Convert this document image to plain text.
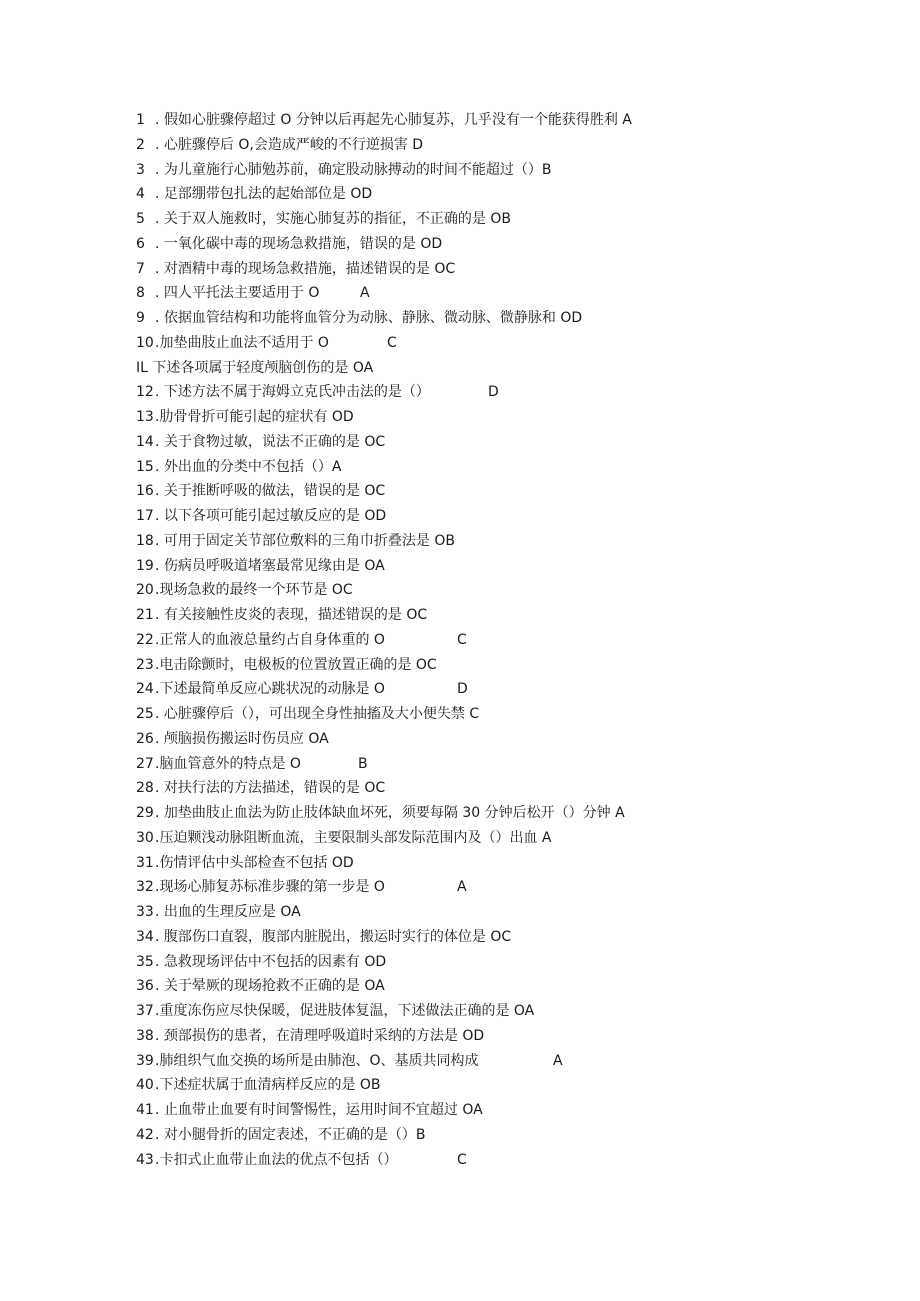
1 . 假如心脏骤停超过 O 分钟以后再起先心肺复苏，几乎没有一个能获得胜利 A
2 . 心脏骤停后 O,会造成严峻的不行逆损害 D
3 . 为儿童施行心肺勉苏前，确定股动脉搏动的时间不能超过（）B
4 . 足部绷带包扎法的起始部位是 OD
5 . 关于双人施救时，实施心肺复苏的指征，不正确的是 OB
6 . 一氧化碳中毒的现场急救措施，错误的是 OD
7 . 对酒精中毒的现场急救措施，描述错误的是 OC
8 . 四人平托法主要适用于 O	A
9 . 依据血管结构和功能将血管分为动脉、静脉、微动脉、微静脉和 OD
10 .加垫曲肢止血法不适用于 O	C
IL 下述各项属于轻度颅脑创伤的是 OA
12 . 下述方法不属于海姆立克氏冲击法的是（）	D
13 .肋骨骨折可能引起的症状有 OD
14 . 关于食物过敏，说法不正确的是 OC
15 . 外出血的分类中不包括（）A
16 . 关于推断呼吸的做法，错误的是 OC
17 . 以下各项可能引起过敏反应的是 OD
18 . 可用于固定关节部位敷料的三角巾折叠法是 OB
19 . 伤病员呼吸道堵塞最常见缘由是 OA
20 .现场急救的最终一个环节是 OC
21 . 有关接触性皮炎的表现，描述错误的是 OC
22 .正常人的血液总量约占自身体重的 O	C
23 .电击除颤时，电极板的位置放置正确的是 OC
24 .下述最简单反应心跳状况的动脉是 O	D
25 . 心脏骤停后（），可出现全身性抽搐及大小便失禁 C
26 . 颅脑损伤搬运时伤员应 OA
27 .脑血管意外的特点是 O	B
28 . 对扶行法的方法描述，错误的是 OC
29 . 加垫曲肢止血法为防止肢体缺血坏死，须要每隔 30 分钟后松开（）分钟 A
30 .压迫颗浅动脉阻断血流，主要限制头部发际范围内及（）出血 A
31 .伤情评估中头部检查不包括 OD
32 .现场心肺复苏标准步骤的第一步是 O	A
33 . 出血的生理反应是 OA
34 . 腹部伤口直裂，腹部内脏脱出，搬运时实行的体位是 OC
35 . 急救现场评估中不包括的因素有 OD
36 . 关于晕厥的现场抢救不正确的是 OA
37 .重度冻伤应尽快保暖，促进肢体复温，下述做法正确的是 OA
38 . 颈部损伤的患者，在清理呼吸道时采纳的方法是 OD
39 .肺组织气血交换的场所是由肺泡、O、基质共同构成	A
40 .下述症状属于血清病样反应的是 OB
41 . 止血带止血要有时间警惕性，运用时间不宜超过 OA
42 . 对小腿骨折的固定表述，不正确的是（）B
43 .卡扣式止血带止血法的优点不包括（）	C
